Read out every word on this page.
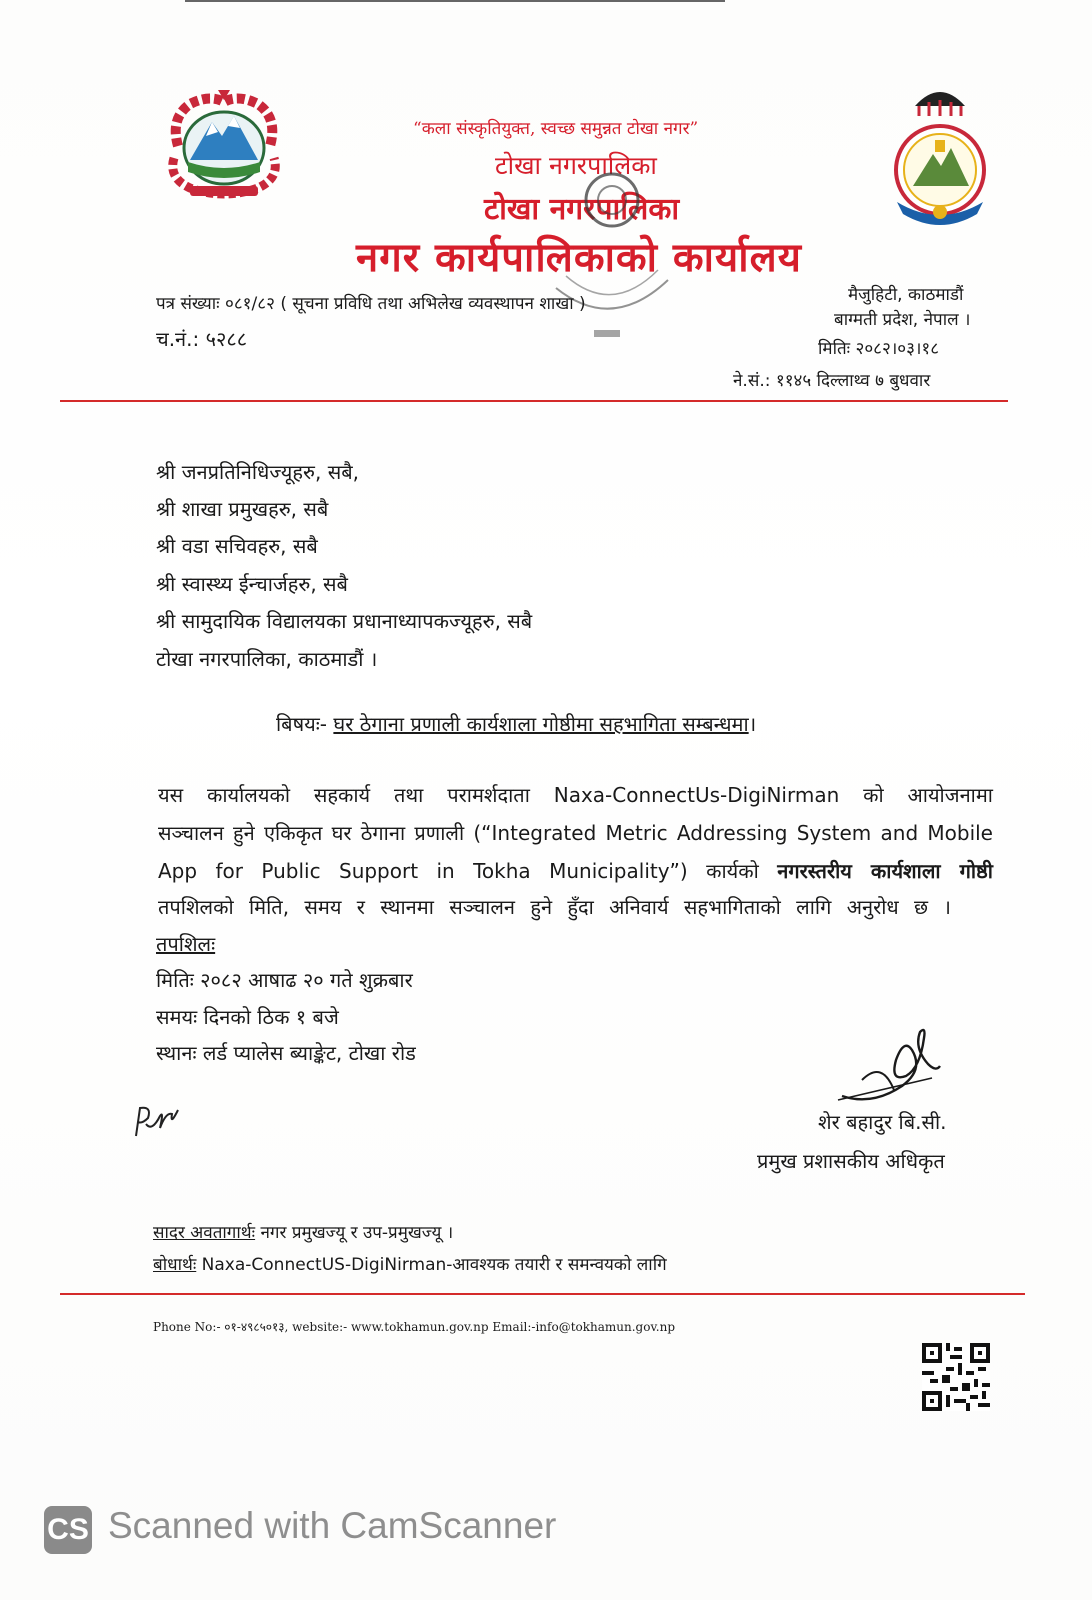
“कला संस्कृतियुक्त, स्वच्छ समुन्नत टोखा नगर”
टोखा नगरपालिका
टोखा नगरपालिका
नगर कार्यपालिकाको कार्यालय
पत्र संख्याः ०८१/८२ ( सूचना प्रविधि तथा अभिलेख व्यवस्थापन शाखा )
च.नं.: ५२८८
मैजुहिटी, काठमाडौं
बाग्मती प्रदेश, नेपाल ।
मितिः २०८२।०३।१८
ने.सं.: ११४५ दिल्लाथ्व ७ बुधवार
श्री जनप्रतिनिधिज्यूहरु, सबै,
श्री शाखा प्रमुखहरु, सबै
श्री वडा सचिवहरु, सबै
श्री स्वास्थ्य ईन्चार्जहरु, सबै
श्री सामुदायिक विद्यालयका प्रधानाध्यापकज्यूहरु, सबै
टोखा नगरपालिका, काठमाडौं ।
बिषयः- घर ठेगाना प्रणाली कार्यशाला गोष्ठीमा सहभागिता सम्बन्धमा।
यस कार्यालयको सहकार्य तथा परामर्शदाता Naxa-ConnectUs-DigiNirman को आयोजनामा
सञ्चालन हुने एकिकृत घर ठेगाना प्रणाली (“Integrated Metric Addressing System and Mobile
App for Public Support in Tokha Municipality”) कार्यको नगरस्तरीय कार्यशाला गोष्ठी
तपशिलको मिति, समय र स्थानमा सञ्चालन हुने हुँदा अनिवार्य सहभागिताको लागि अनुरोध छ ।
तपशिलः
मितिः २०८२ आषाढ २० गते शुक्रबार
समयः दिनको ठिक १ बजे
स्थानः लर्ड प्यालेस ब्याङ्केट, टोखा रोड
शेर बहादुर बि.सी.
प्रमुख प्रशासकीय अधिकृत
सादर अवतागार्थः नगर प्रमुखज्यू र उप-प्रमुखज्यू ।
बोधार्थः Naxa-ConnectUS-DigiNirman-आवश्यक तयारी र समन्वयको लागि
Phone No:- ०१-४९८५०१३, website:- www.tokhamun.gov.np Email:-info@tokhamun.gov.np
CS Scanned with CamScanner
